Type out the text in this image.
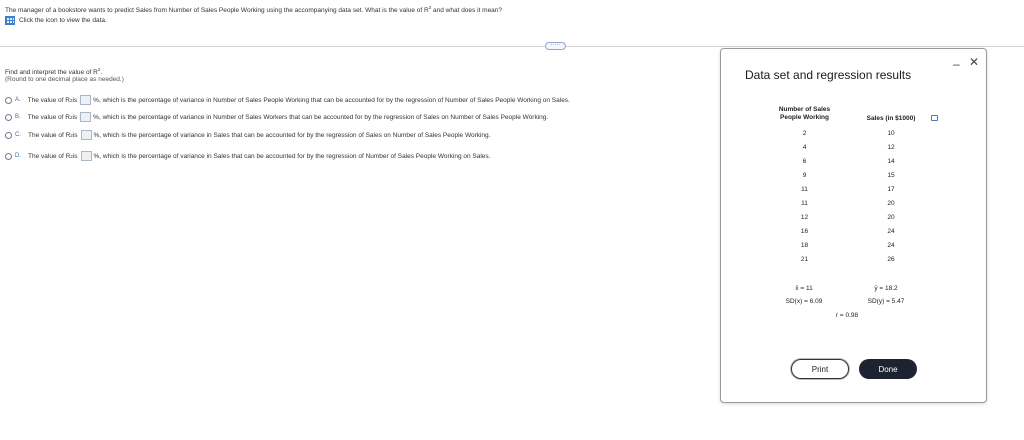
The manager of a bookstore wants to predict Sales from Number of Sales People Working using the accompanying data set. What is the value of $R^2$ and what does it mean?
Click the icon to view the data.
·····
Find and interpret the value of $R^2$.
(Round to one decimal place as needed.)
A. The value of R 2 is %, which is the percentage of variance in Number of Sales People Working that can be accounted for by the regression of Number of Sales People Working on Sales.
B. The value of R 2 is %, which is the percentage of variance in Number of Sales Workers that can be accounted for by the regression of Sales on Number of Sales People Working.
C. The value of R 2 is %, which is the percentage of variance in Sales that can be accounted for by the regression of Sales on Number of Sales People Working.
D. The value of R 2 is %, which is the percentage of variance in Sales that can be accounted for by the regression of Number of Sales People Working on Sales.
Data set and regression results
– ✕
Number of Sales
People Working	Sales (in $1000)
2	10
4	12
6	14
9	15
11	17
11	20
12	20
16	24
18	24
21	26
x̄ = 11
SD(x) = 6.09
ȳ = 18.2
SD(y) = 5.47
r = 0.98
Print	Done
